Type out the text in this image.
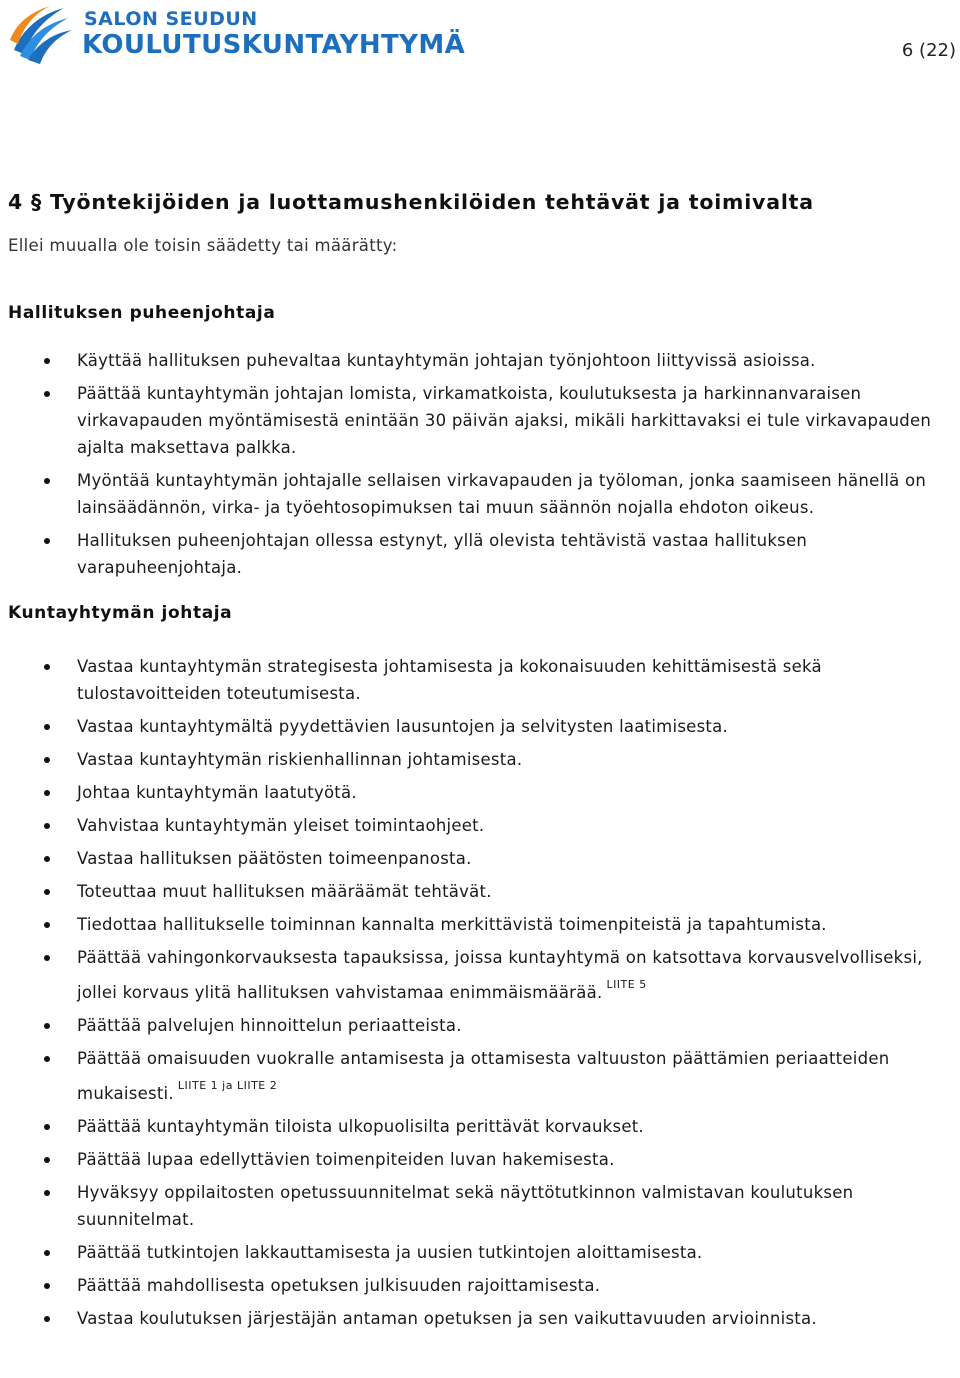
SALON SEUDUN
KOULUTUSKUNTAYHTYMÄ	6 (22)
4 § Työntekijöiden ja luottamushenkilöiden tehtävät ja toimivalta

Ellei muualla ole toisin säädetty tai määrätty:

Hallituksen puheenjohtaja
Käyttää hallituksen puhevaltaa kuntayhtymän johtajan työnjohtoon liittyvissä asioissa.
Päättää kuntayhtymän johtajan lomista, virkamatkoista, koulutuksesta ja harkinnanvaraisen virkavapauden myöntämisestä enintään 30 päivän ajaksi, mikäli harkittavaksi ei tule virkavapauden ajalta maksettava palkka.
Myöntää kuntayhtymän johtajalle sellaisen virkavapauden ja työloman, jonka saamiseen hänellä on lainsäädännön, virka- ja työehtosopimuksen tai muun säännön nojalla ehdoton oikeus.
Hallituksen puheenjohtajan ollessa estynyt, yllä olevista tehtävistä vastaa hallituksen varapuheenjohtaja.
Kuntayhtymän johtaja
Vastaa kuntayhtymän strategisesta johtamisesta ja kokonaisuuden kehittämisestä sekä tulostavoitteiden toteutumisesta.
Vastaa kuntayhtymältä pyydettävien lausuntojen ja selvitysten laatimisesta.
Vastaa kuntayhtymän riskienhallinnan johtamisesta.
Johtaa kuntayhtymän laatutyötä.
Vahvistaa kuntayhtymän yleiset toimintaohjeet.
Vastaa hallituksen päätösten toimeenpanosta.
Toteuttaa muut hallituksen määräämät tehtävät.
Tiedottaa hallitukselle toiminnan kannalta merkittävistä toimenpiteistä ja tapahtumista.
Päättää vahingonkorvauksesta tapauksissa, joissa kuntayhtymä on katsottava korvausvelvolliseksi, jollei korvaus ylitä hallituksen vahvistamaa enimmäismäärää. $^{LIITE 5}$
Päättää palvelujen hinnoittelun periaatteista.
Päättää omaisuuden vuokralle antamisesta ja ottamisesta valtuuston päättämien periaatteiden mukaisesti. $^{LIITE 1 ja LIITE 2}$
Päättää kuntayhtymän tiloista ulkopuolisilta perittävät korvaukset.
Päättää lupaa edellyttävien toimenpiteiden luvan hakemisesta.
Hyväksyy oppilaitosten opetussuunnitelmat sekä näyttötutkinnon valmistavan koulutuksen suunnitelmat.
Päättää tutkintojen lakkauttamisesta ja uusien tutkintojen aloittamisesta.
Päättää mahdollisesta opetuksen julkisuuden rajoittamisesta.
Vastaa koulutuksen järjestäjän antaman opetuksen ja sen vaikuttavuuden arvioinnista.
